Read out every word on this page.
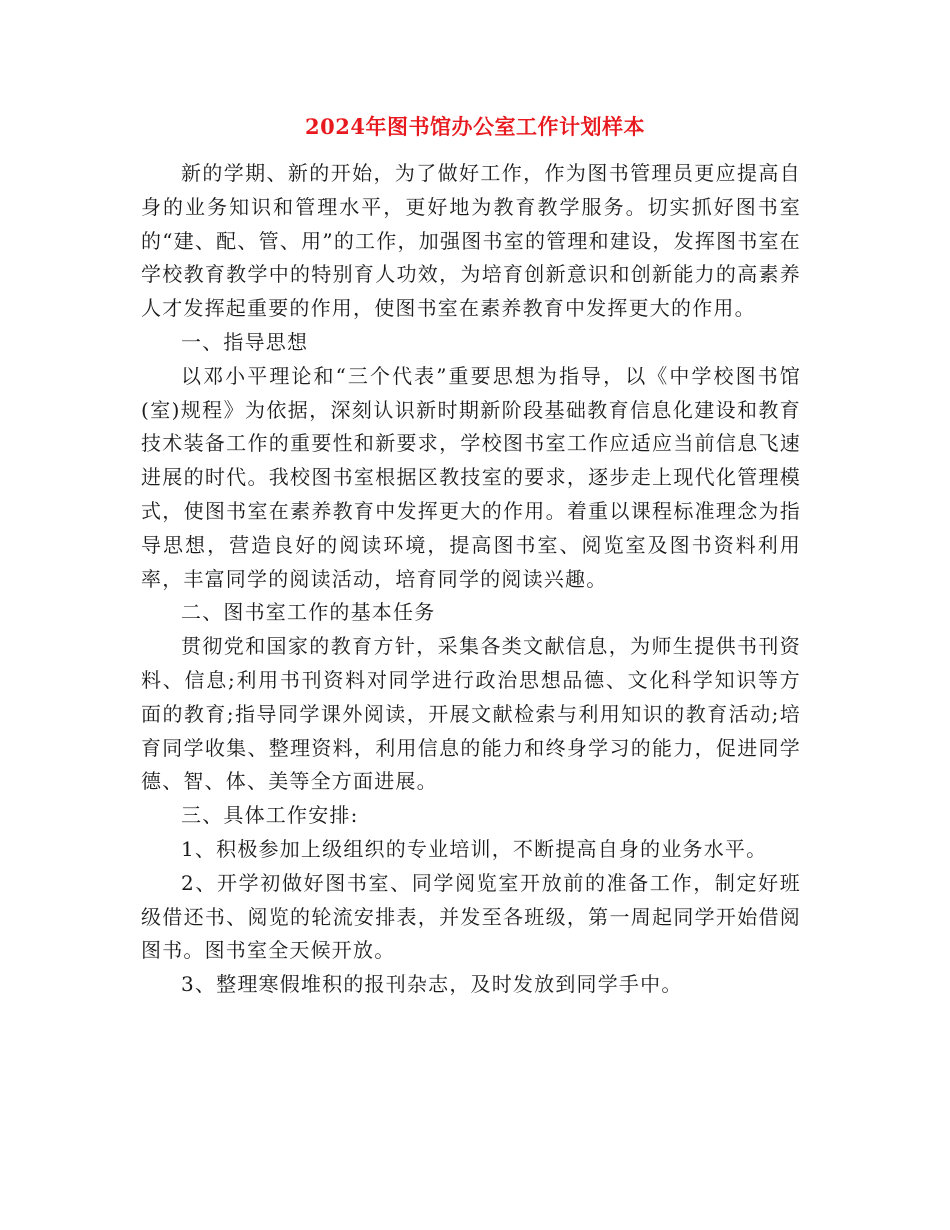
2024年图书馆办公室工作计划样本

新的学期、新的开始，为了做好工作，作为图书管理员更应提高自身的业务知识和管理水平，更好地为教育教学服务。切实抓好图书室的“建、配、管、用”的工作，加强图书室的管理和建设，发挥图书室在学校教育教学中的特别育人功效，为培育创新意识和创新能力的高素养人才发挥起重要的作用，使图书室在素养教育中发挥更大的作用。

一、指导思想

以邓小平理论和“三个代表”重要思想为指导，以《中学校图书馆(室)规程》为依据，深刻认识新时期新阶段基础教育信息化建设和教育技术装备工作的重要性和新要求，学校图书室工作应适应当前信息飞速进展的时代。我校图书室根据区教技室的要求，逐步走上现代化管理模式，使图书室在素养教育中发挥更大的作用。着重以课程标准理念为指导思想，营造良好的阅读环境，提高图书室、阅览室及图书资料利用率，丰富同学的阅读活动，培育同学的阅读兴趣。

二、图书室工作的基本任务

贯彻党和国家的教育方针，采集各类文献信息，为师生提供书刊资料、信息;利用书刊资料对同学进行政治思想品德、文化科学知识等方面的教育;指导同学课外阅读，开展文献检索与利用知识的教育活动;培育同学收集、整理资料，利用信息的能力和终身学习的能力，促进同学德、智、体、美等全方面进展。

三、具体工作安排:

1、积极参加上级组织的专业培训，不断提高自身的业务水平。

2、开学初做好图书室、同学阅览室开放前的准备工作，制定好班级借还书、阅览的轮流安排表，并发至各班级，第一周起同学开始借阅图书。图书室全天候开放。

3、整理寒假堆积的报刊杂志，及时发放到同学手中。
